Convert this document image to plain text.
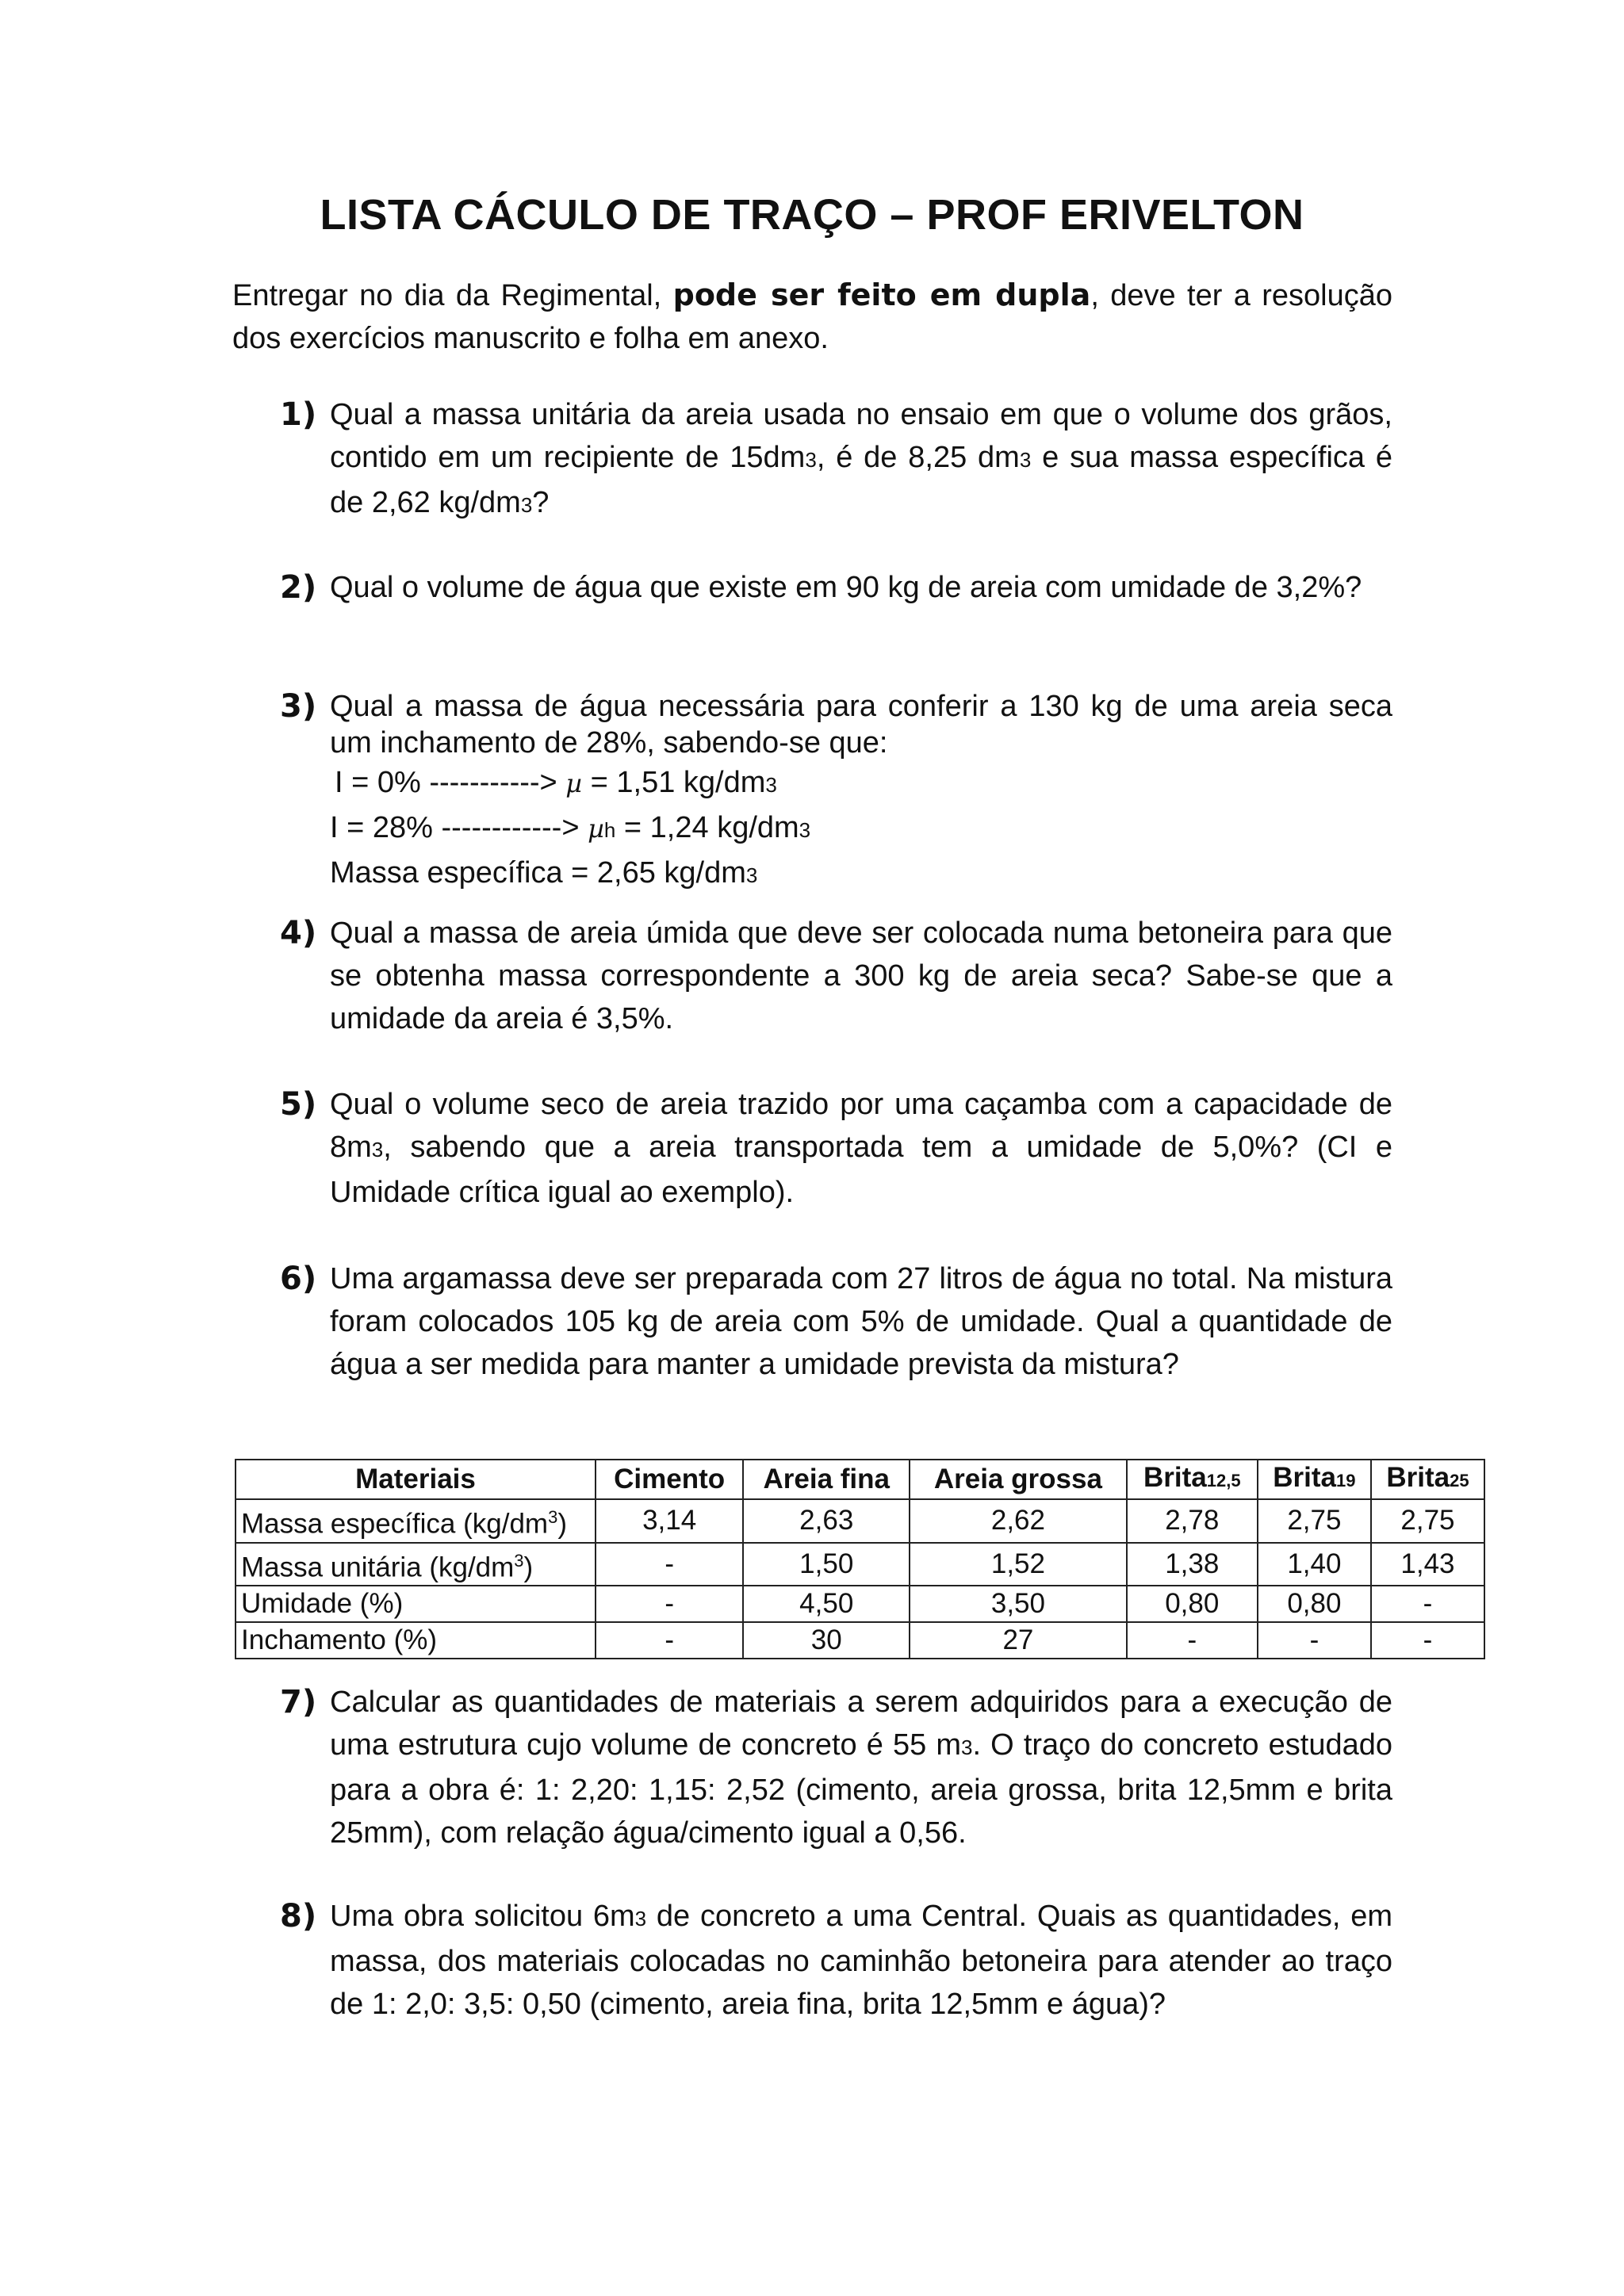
LISTA CÁCULO DE TRAÇO – PROF ERIVELTON
Entregar no dia da Regimental, pode ser feito em dupla, deve ter a resolução dos exercícios manuscrito e folha em anexo.
1) Qual a massa unitária da areia usada no ensaio em que o volume dos grãos, contido em um recipiente de 15dm3, é de 8,25 dm3 e sua massa específica é de 2,62 kg/dm3?
2) Qual o volume de água que existe em 90 kg de areia com umidade de 3,2%?
3) Qual a massa de água necessária para conferir a 130 kg de uma areia seca um inchamento de 28%, sabendo-se que:
I = 0% -----------> µ = 1,51 kg/dm3
I = 28% ------------> µh = 1,24 kg/dm3
Massa específica = 2,65 kg/dm3
4) Qual a massa de areia úmida que deve ser colocada numa betoneira para que se obtenha massa correspondente a 300 kg de areia seca? Sabe-se que a umidade da areia é 3,5%.
5) Qual o volume seco de areia trazido por uma caçamba com a capacidade de 8m3, sabendo que a areia transportada tem a umidade de 5,0%? (CI e Umidade crítica igual ao exemplo).
6) Uma argamassa deve ser preparada com 27 litros de água no total. Na mistura foram colocados 105 kg de areia com 5% de umidade. Qual a quantidade de água a ser medida para manter a umidade prevista da mistura?
Materiais	Cimento	Areia fina	Areia grossa	Brita12,5	Brita19	Brita25
Massa específica $(kg/dm^3)$	3,14	2,63	2,62	2,78	2,75	2,75
Massa unitária $(kg/dm^3)$	-	1,50	1,52	1,38	1,40	1,43
Umidade (%)	-	4,50	3,50	0,80	0,80	-
Inchamento (%)	-	30	27	-	-	-
7) Calcular as quantidades de materiais a serem adquiridos para a execução de uma estrutura cujo volume de concreto é 55 m3. O traço do concreto estudado para a obra é: 1: 2,20: 1,15: 2,52 (cimento, areia grossa, brita 12,5mm e brita 25mm), com relação água/cimento igual a 0,56.
8) Uma obra solicitou 6m3 de concreto a uma Central. Quais as quantidades, em massa, dos materiais colocadas no caminhão betoneira para atender ao traço de 1: 2,0: 3,5: 0,50 (cimento, areia fina, brita 12,5mm e água)?
